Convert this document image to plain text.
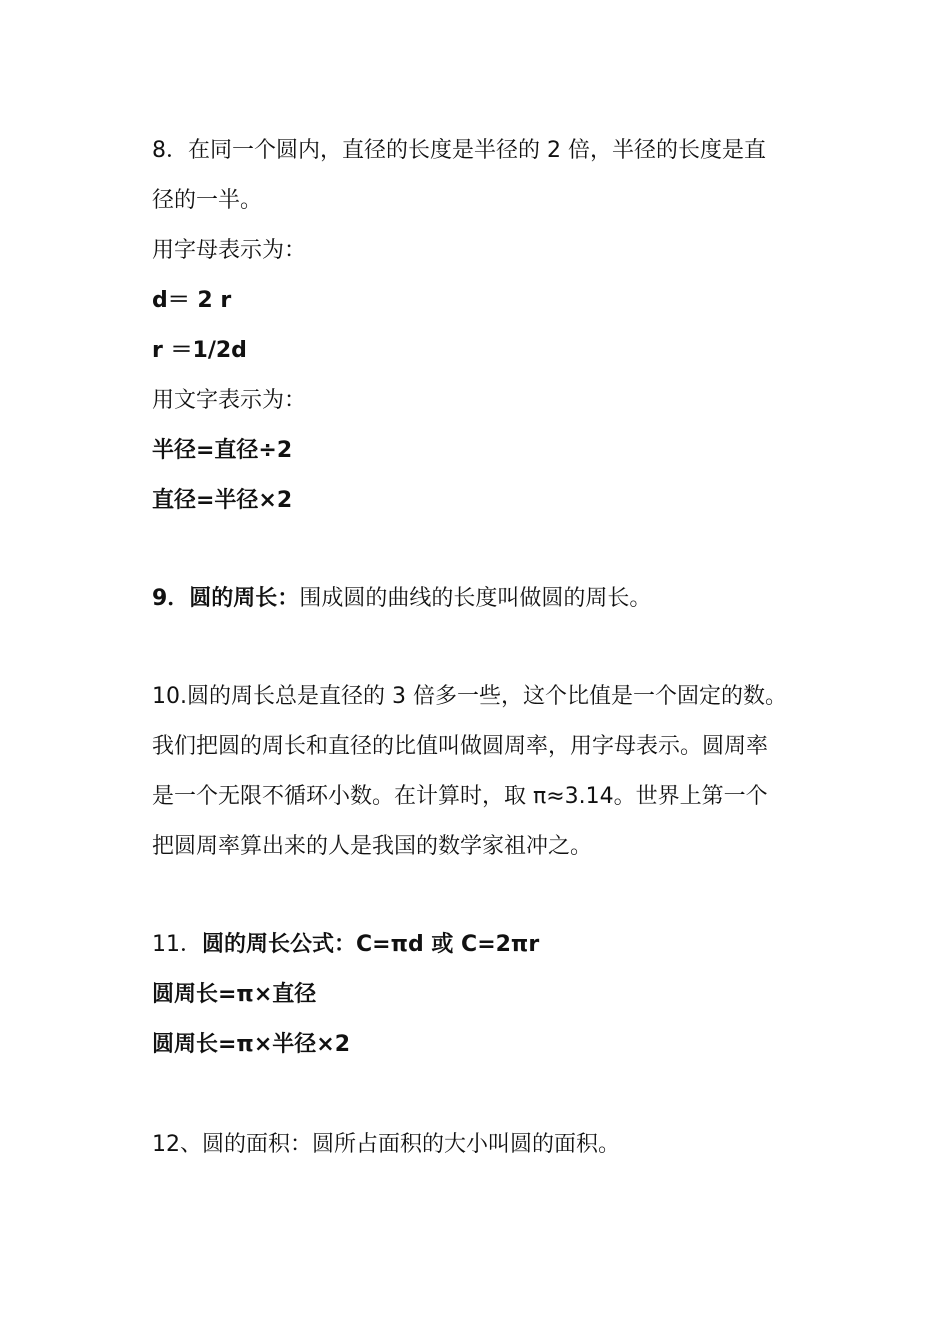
8．在同一个圆内，直径的长度是半径的 2 倍，半径的长度是直

径的一半。

用字母表示为：

d＝ 2 r

r ＝1/2d

用文字表示为：

半径=直径÷2

直径=半径×2

9．圆的周长：围成圆的曲线的长度叫做圆的周长。

10.圆的周长总是直径的 3 倍多一些，这个比值是一个固定的数。

我们把圆的周长和直径的比值叫做圆周率，用字母表示。圆周率

是一个无限不循环小数。在计算时，取 π≈3.14。世界上第一个

把圆周率算出来的人是我国的数学家祖冲之。

11．圆的周长公式：C=πd 或 C=2πr

圆周长=π×直径

圆周长=π×半径×2

12、圆的面积：圆所占面积的大小叫圆的面积。
